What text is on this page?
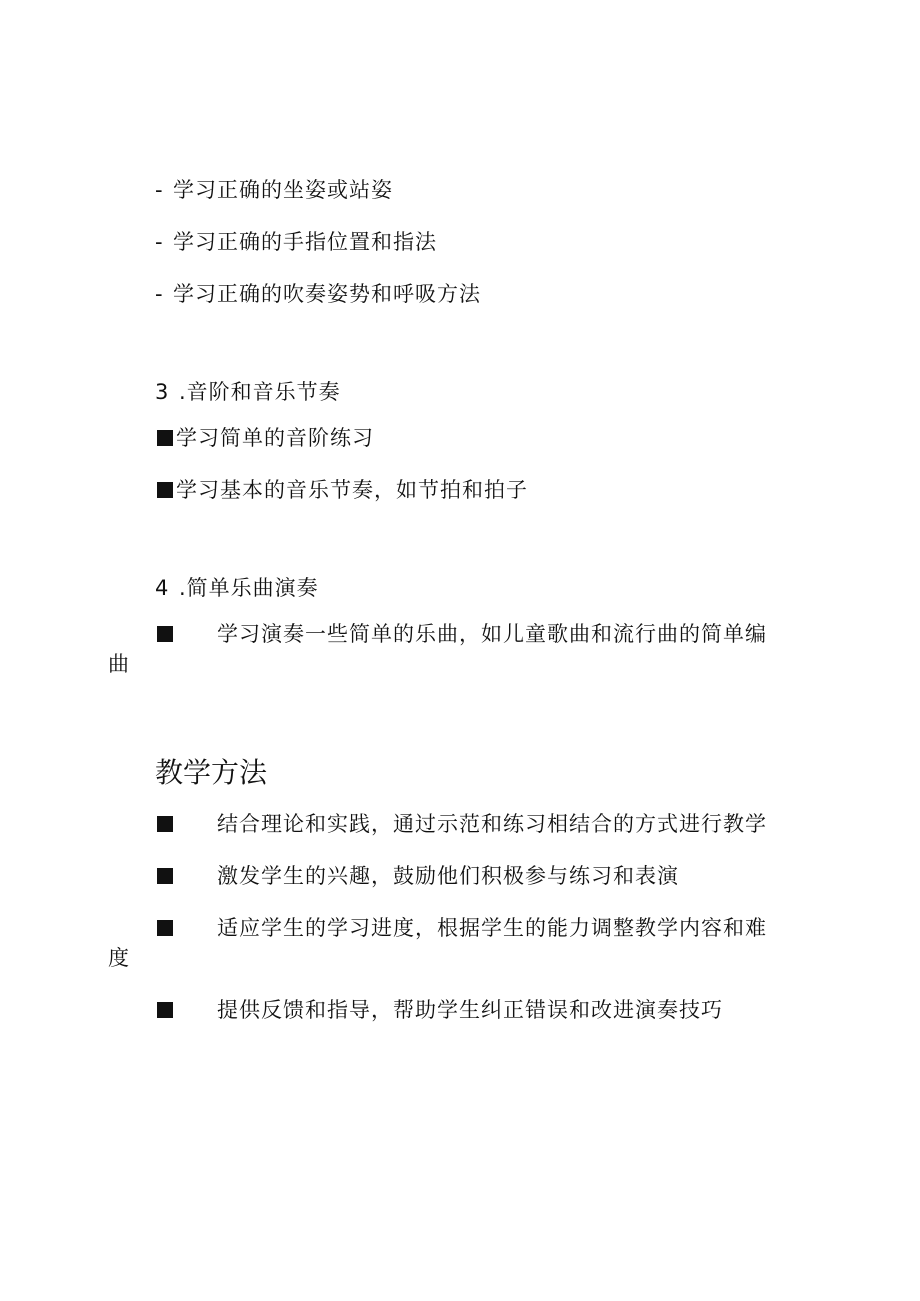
- 学习正确的坐姿或站姿
- 学习正确的手指位置和指法
- 学习正确的吹奏姿势和呼吸方法
3 .音阶和音乐节奏
学习简单的音阶练习
学习基本的音乐节奏，如节拍和拍子
4 .简单乐曲演奏
学习演奏一些简单的乐曲，如儿童歌曲和流行曲的简单编
曲
教学方法
结合理论和实践，通过示范和练习相结合的方式进行教学
激发学生的兴趣，鼓励他们积极参与练习和表演
适应学生的学习进度，根据学生的能力调整教学内容和难
度
提供反馈和指导，帮助学生纠正错误和改进演奏技巧
